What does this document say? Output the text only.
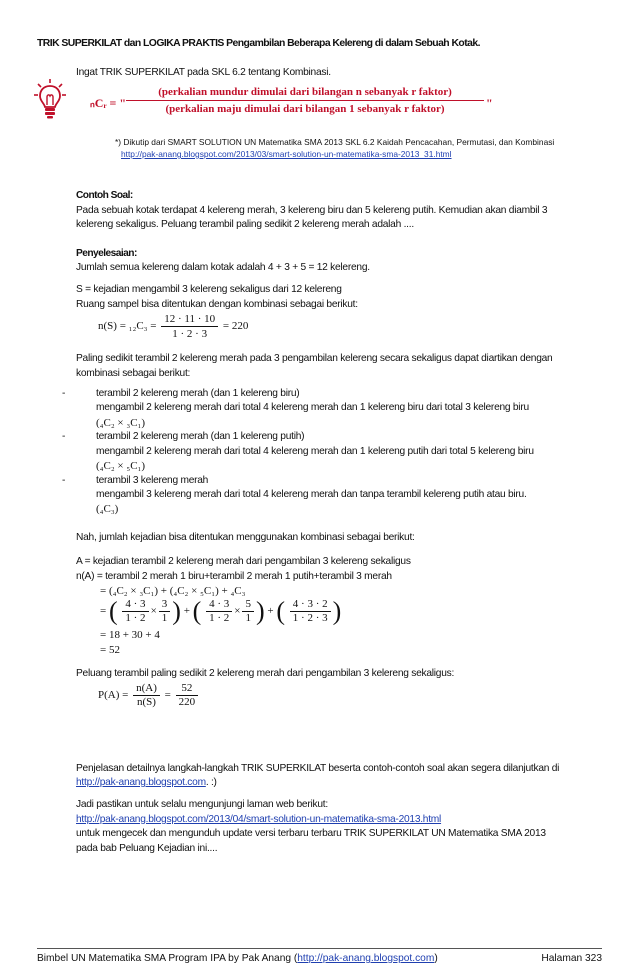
TRIK SUPERKILAT dan LOGIKA PRAKTIS Pengambilan Beberapa Kelereng di dalam Sebuah Kotak.
ₙCᵣ = "
(perkalian mundur dimulai dari bilangan n sebanyak r faktor)
(perkalian maju dimulai dari bilangan 1 sebanyak r faktor)	"
*) Dikutip dari SMART SOLUTION UN Matematika SMA 2013 SKL 6.2 Kaidah Pencacahan, Permutasi, dan Kombinasi
http://pak-anang.blogspot.com/2013/03/smart-solution-un-matematika-sma-2013_31.html

Ingat TRIK SUPERKILAT pada SKL 6.2 tentang Kombinasi.

Contoh Soal:

Pada sebuah kotak terdapat 4 kelereng merah, 3 kelereng biru dan 5 kelereng putih. Kemudian akan diambil 3

kelereng sekaligus. Peluang terambil paling sedikit 2 kelereng merah adalah ....

Penyelesaian:

Jumlah semua kelereng dalam kotak adalah 4 + 3 + 5 = 12 kelereng.

S = kejadian mengambil 3 kelereng sekaligus dari 12 kelereng

Ruang sampel bisa ditentukan dengan kombinasi sebagai berikut:

$n(S) = _{12}C_3 = \frac{12 \cdot 11 \cdot 10}{1 \cdot 2 \cdot 3} = 220$

Paling sedikit terambil 2 kelereng merah pada 3 pengambilan kelereng secara sekaligus dapat diartikan dengan

kombinasi sebagai berikut:

-	terambil 2 kelereng merah (dan 1 kelereng biru)

mengambil 2 kelereng merah dari total 4 kelereng merah dan 1 kelereng biru dari total 3 kelereng biru

(₄C₂ × ₃C₁)

-	terambil 2 kelereng merah (dan 1 kelereng putih)

mengambil 2 kelereng merah dari total 4 kelereng merah dan 1 kelereng putih dari total 5 kelereng biru

(₄C₂ × ₅C₁)

-	terambil 3 kelereng merah

mengambil 3 kelereng merah dari total 4 kelereng merah dan tanpa terambil kelereng putih atau biru.

(₄C₃)

Nah, jumlah kejadian bisa ditentukan menggunakan kombinasi sebagai berikut:

A = kejadian terambil 2 kelereng merah dari pengambilan 3 kelereng sekaligus

n(A) = terambil 2 merah 1 biru+terambil 2 merah 1 putih+terambil 3 merah

= (₄C₂ × ₃C₁) + (₄C₂ × ₅C₁) + ₄C₃

= ( $\frac{4 \cdot 3}{1 \cdot 2} \times \frac{3}{1}$ ) + ( $\frac{4 \cdot 3}{1 \cdot 2} \times \frac{5}{1}$ ) + ( $\frac{4 \cdot 3 \cdot 2}{1 \cdot 2 \cdot 3}$ )

= 18 + 30 + 4

= 52

Peluang terambil paling sedikit 2 kelereng merah dari pengambilan 3 kelereng sekaligus:

$P(A) = \frac{n(A)}{n(S)} = \frac{52}{220}$

Penjelasan detailnya langkah-langkah TRIK SUPERKILAT beserta contoh-contoh soal akan segera dilanjutkan di

http://pak-anang.blogspot.com. :)

Jadi pastikan untuk selalu mengunjungi laman web berikut:

http://pak-anang.blogspot.com/2013/04/smart-solution-un-matematika-sma-2013.html

untuk mengecek dan mengunduh update versi terbaru terbaru TRIK SUPERKILAT UN Matematika SMA 2013

pada bab Peluang Kejadian ini....

Bimbel UN Matematika SMA Program IPA by Pak Anang (http://pak-anang.blogspot.com)	Halaman 323
